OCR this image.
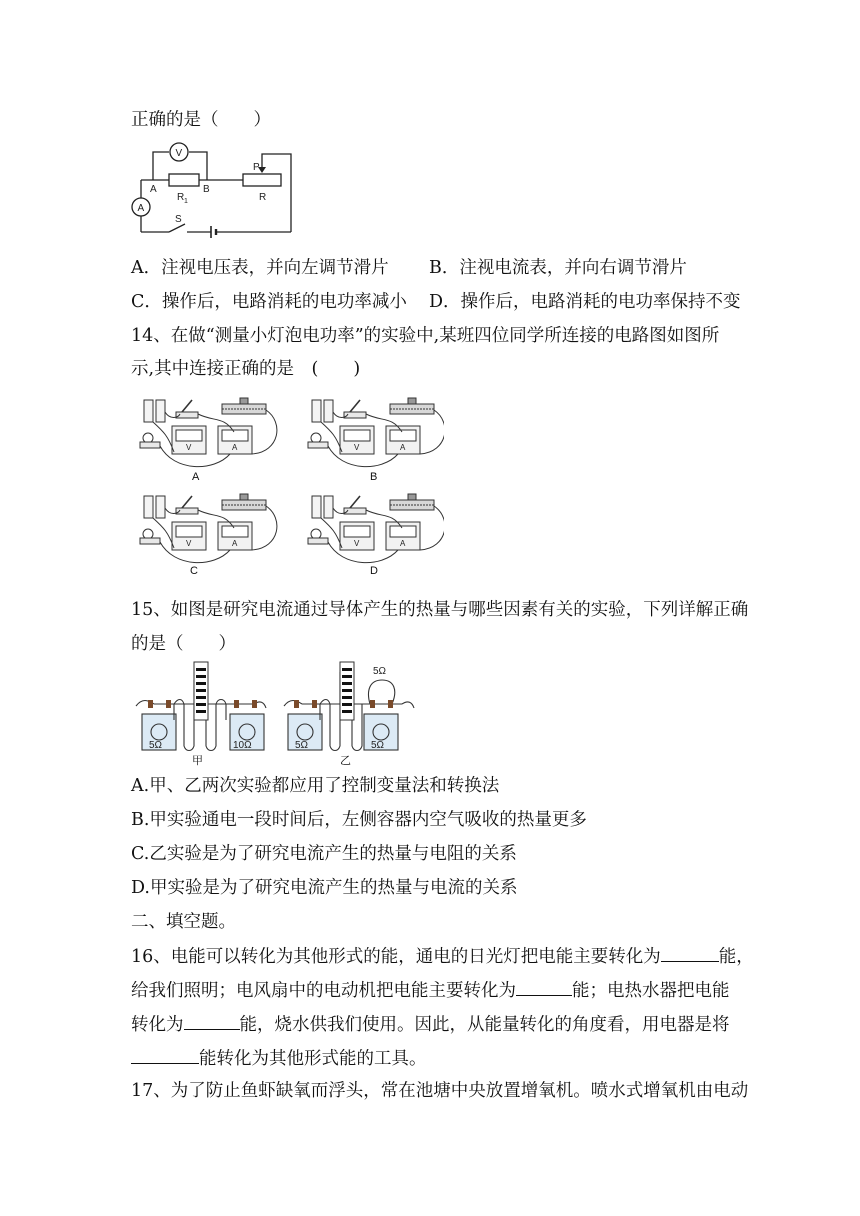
正确的是（　　）
V
A
A	B
R 1
P
R
S
A．注视电压表，并向左调节滑片 B．注视电流表，并向右调节滑片
C．操作后，电路消耗的电功率减小 D．操作后，电路消耗的电功率保持不变
14、在做“测量小灯泡电功率”的实验中,某班四位同学所连接的电路图如图所
示,其中连接正确的是　(　　)
V	A	V	A
V	A	V	A
A	B
C	D
15、如图是研究电流通过导体产生的热量与哪些因素有关的实验，下列详解正确
的是（　　）
5Ω	10Ω	5Ω	5Ω
5Ω
甲	乙
A.甲、乙两次实验都应用了控制变量法和转换法
B.甲实验通电一段时间后，左侧容器内空气吸收的热量更多
C.乙实验是为了研究电流产生的热量与电阻的关系
D.甲实验是为了研究电流产生的热量与电流的关系
二、填空题。
16、电能可以转化为其他形式的能，通电的日光灯把电能主要转化为	能，
给我们照明；电风扇中的电动机把电能主要转化为	能；电热水器把电能
转化为	能，烧水供我们使用。因此，从能量转化的角度看，用电器是将
能转化为其他形式能的工具。
17、为了防止鱼虾缺氧而浮头，常在池塘中央放置增氧机。喷水式增氧机由电动
